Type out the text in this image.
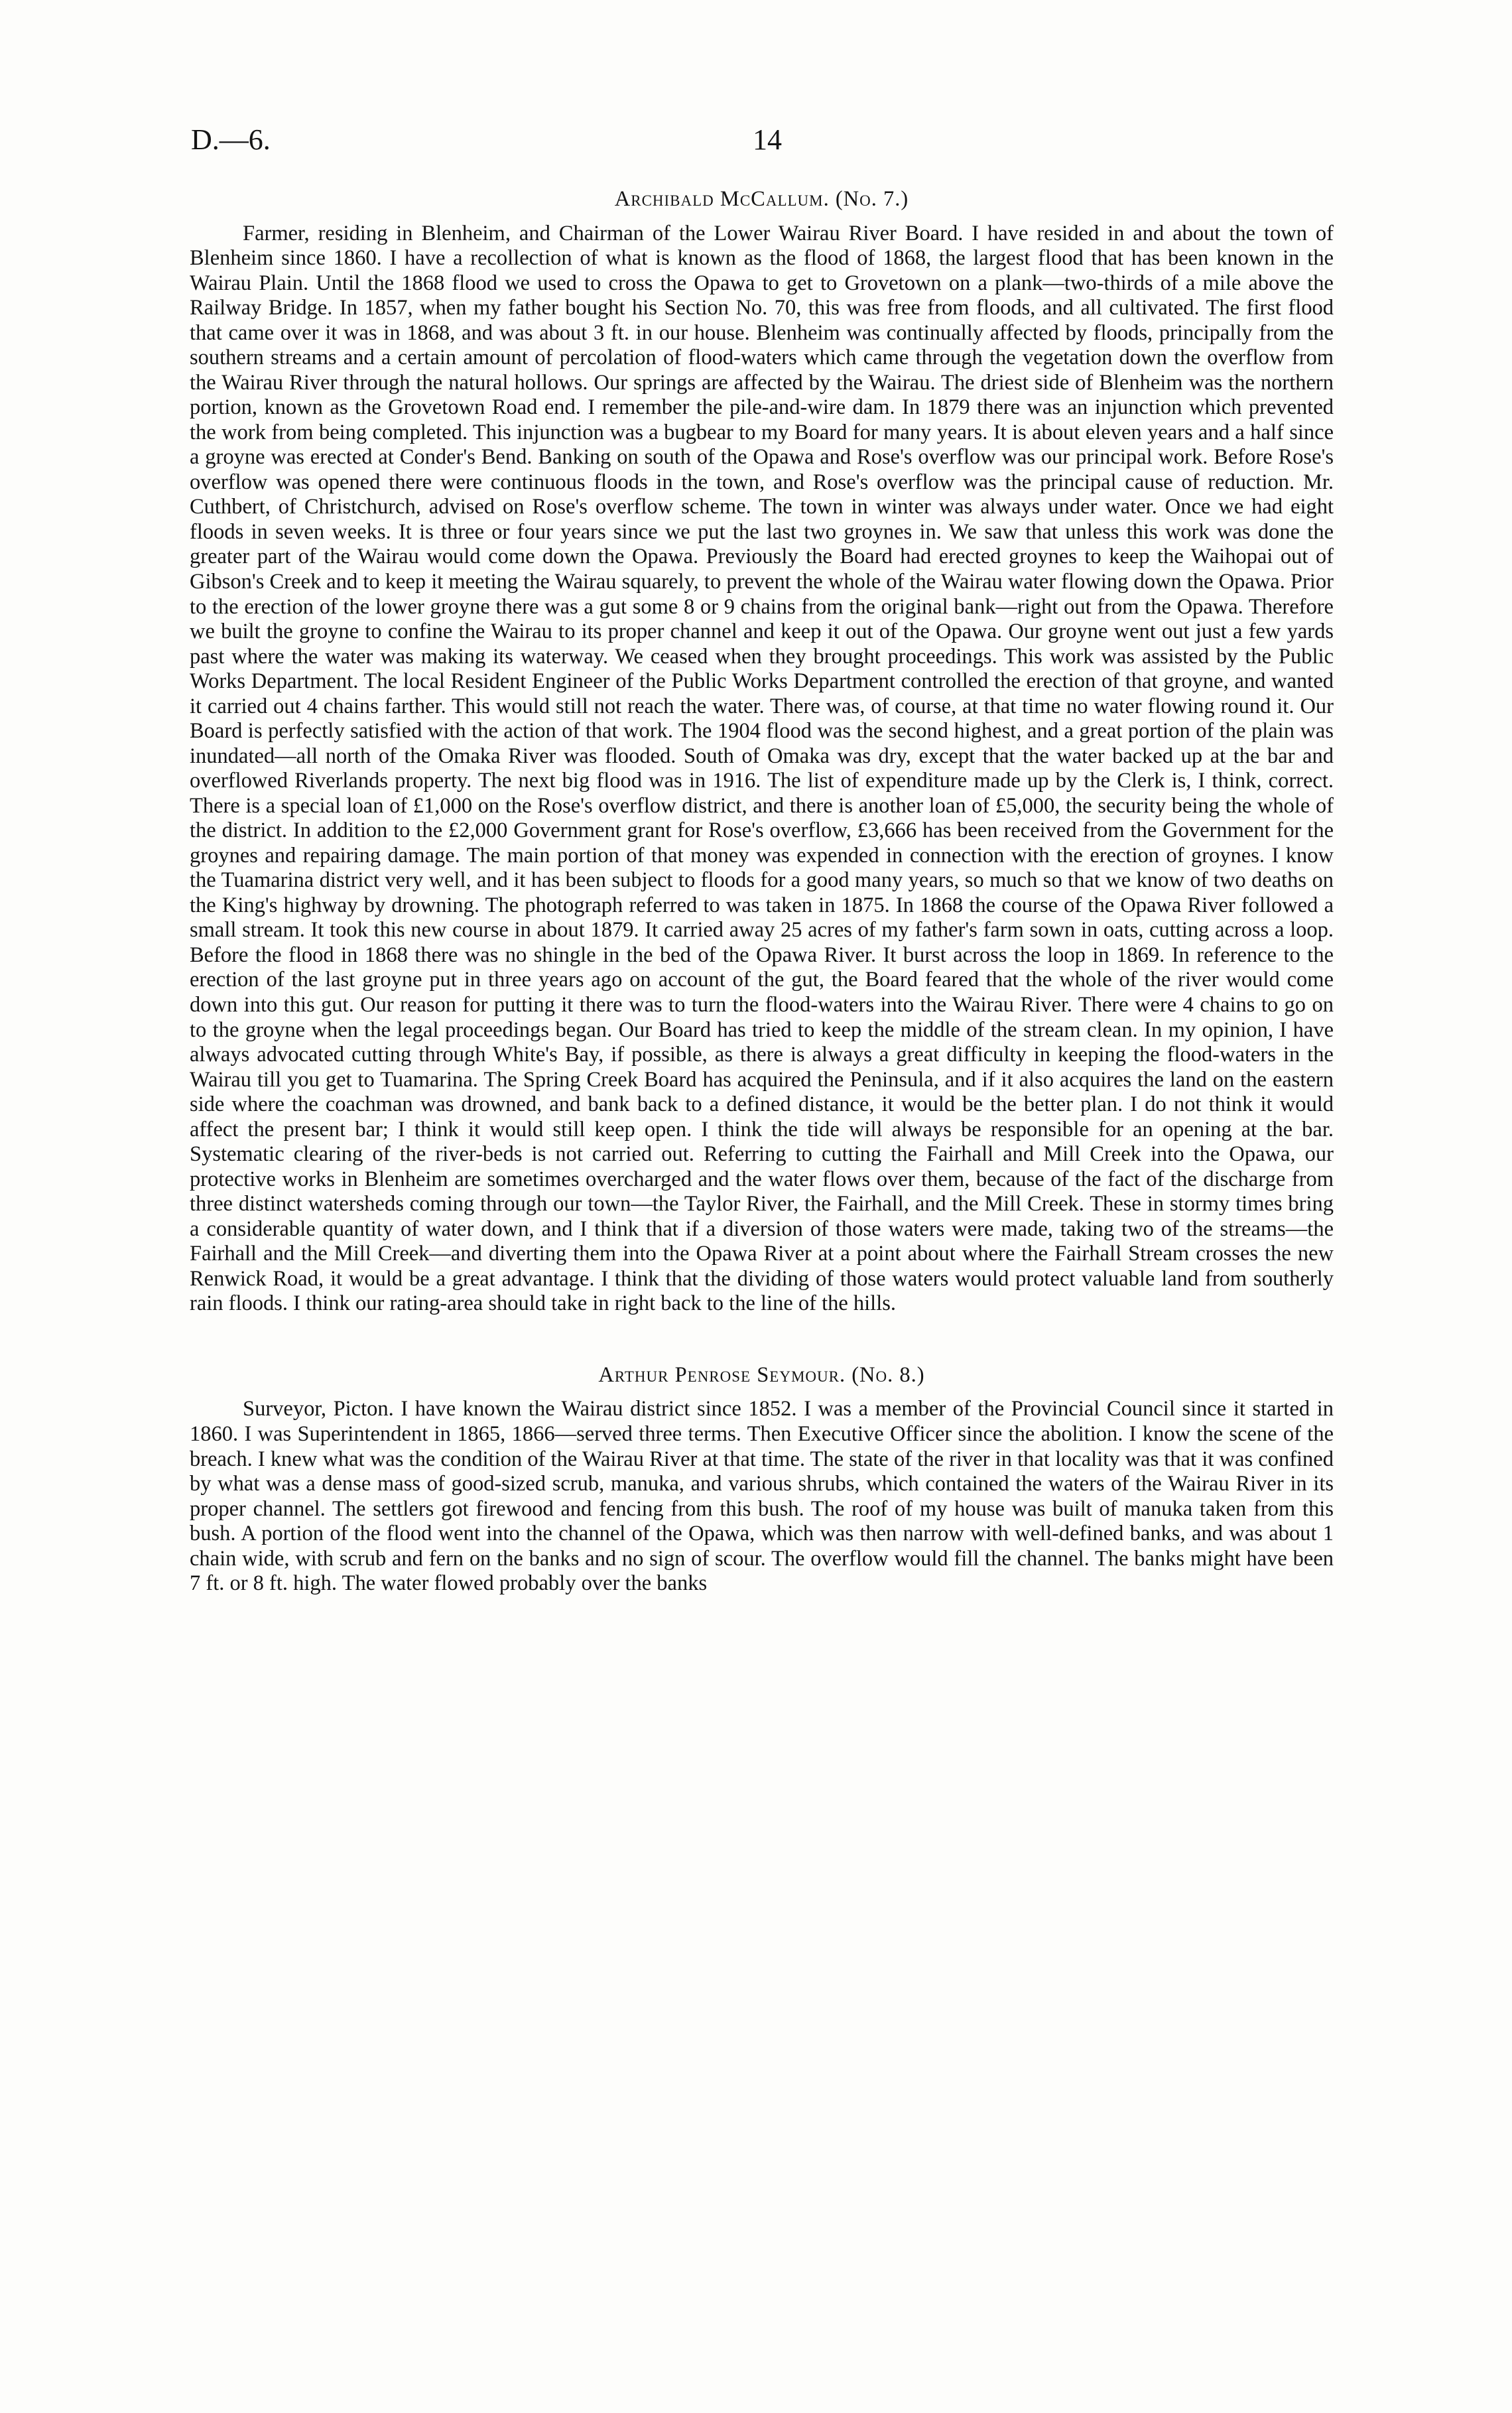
D.—6.	14
Archibald McCallum. (No. 7.)

Farmer, residing in Blenheim, and Chairman of the Lower Wairau River Board. I have resided in and about the town of Blenheim since 1860. I have a recollection of what is known as the flood of 1868, the largest flood that has been known in the Wairau Plain. Until the 1868 flood we used to cross the Opawa to get to Grovetown on a plank—two-thirds of a mile above the Railway Bridge. In 1857, when my father bought his Section No. 70, this was free from floods, and all cultivated. The first flood that came over it was in 1868, and was about 3 ft. in our house. Blenheim was continually affected by floods, principally from the southern streams and a certain amount of percolation of flood-waters which came through the vegetation down the overflow from the Wairau River through the natural hollows. Our springs are affected by the Wairau. The driest side of Blenheim was the northern portion, known as the Grovetown Road end. I remember the pile-and-wire dam. In 1879 there was an injunction which prevented the work from being completed. This injunction was a bugbear to my Board for many years. It is about eleven years and a half since a groyne was erected at Conder's Bend. Banking on south of the Opawa and Rose's overflow was our principal work. Before Rose's overflow was opened there were continuous floods in the town, and Rose's overflow was the principal cause of reduction. Mr. Cuthbert, of Christchurch, advised on Rose's overflow scheme. The town in winter was always under water. Once we had eight floods in seven weeks. It is three or four years since we put the last two groynes in. We saw that unless this work was done the greater part of the Wairau would come down the Opawa. Previously the Board had erected groynes to keep the Waihopai out of Gibson's Creek and to keep it meeting the Wairau squarely, to prevent the whole of the Wairau water flowing down the Opawa. Prior to the erection of the lower groyne there was a gut some 8 or 9 chains from the original bank—right out from the Opawa. Therefore we built the groyne to confine the Wairau to its proper channel and keep it out of the Opawa. Our groyne went out just a few yards past where the water was making its waterway. We ceased when they brought proceedings. This work was assisted by the Public Works Department. The local Resident Engineer of the Public Works Department controlled the erection of that groyne, and wanted it carried out 4 chains farther. This would still not reach the water. There was, of course, at that time no water flowing round it. Our Board is perfectly satisfied with the action of that work. The 1904 flood was the second highest, and a great portion of the plain was inundated—all north of the Omaka River was flooded. South of Omaka was dry, except that the water backed up at the bar and overflowed Riverlands property. The next big flood was in 1916. The list of expenditure made up by the Clerk is, I think, correct. There is a special loan of £1,000 on the Rose's overflow district, and there is another loan of £5,000, the security being the whole of the district. In addition to the £2,000 Government grant for Rose's overflow, £3,666 has been received from the Government for the groynes and repairing damage. The main portion of that money was expended in connection with the erection of groynes. I know the Tuamarina district very well, and it has been subject to floods for a good many years, so much so that we know of two deaths on the King's highway by drowning. The photograph referred to was taken in 1875. In 1868 the course of the Opawa River followed a small stream. It took this new course in about 1879. It carried away 25 acres of my father's farm sown in oats, cutting across a loop. Before the flood in 1868 there was no shingle in the bed of the Opawa River. It burst across the loop in 1869. In reference to the erection of the last groyne put in three years ago on account of the gut, the Board feared that the whole of the river would come down into this gut. Our reason for putting it there was to turn the flood-waters into the Wairau River. There were 4 chains to go on to the groyne when the legal proceedings began. Our Board has tried to keep the middle of the stream clean. In my opinion, I have always advocated cutting through White's Bay, if possible, as there is always a great difficulty in keeping the flood-waters in the Wairau till you get to Tuamarina. The Spring Creek Board has acquired the Peninsula, and if it also acquires the land on the eastern side where the coachman was drowned, and bank back to a defined distance, it would be the better plan. I do not think it would affect the present bar; I think it would still keep open. I think the tide will always be responsible for an opening at the bar. Systematic clearing of the river-beds is not carried out. Referring to cutting the Fairhall and Mill Creek into the Opawa, our protective works in Blenheim are sometimes overcharged and the water flows over them, because of the fact of the discharge from three distinct watersheds coming through our town—the Taylor River, the Fairhall, and the Mill Creek. These in stormy times bring a considerable quantity of water down, and I think that if a diversion of those waters were made, taking two of the streams—the Fairhall and the Mill Creek—and diverting them into the Opawa River at a point about where the Fairhall Stream crosses the new Renwick Road, it would be a great advantage. I think that the dividing of those waters would protect valuable land from southerly rain floods. I think our rating-area should take in right back to the line of the hills.

Arthur Penrose Seymour. (No. 8.)

Surveyor, Picton. I have known the Wairau district since 1852. I was a member of the Provincial Council since it started in 1860. I was Superintendent in 1865, 1866—served three terms. Then Executive Officer since the abolition. I know the scene of the breach. I knew what was the condition of the Wairau River at that time. The state of the river in that locality was that it was confined by what was a dense mass of good-sized scrub, manuka, and various shrubs, which contained the waters of the Wairau River in its proper channel. The settlers got firewood and fencing from this bush. The roof of my house was built of manuka taken from this bush. A portion of the flood went into the channel of the Opawa, which was then narrow with well-defined banks, and was about 1 chain wide, with scrub and fern on the banks and no sign of scour. The overflow would fill the channel. The banks might have been 7 ft. or 8 ft. high. The water flowed probably over the banks
